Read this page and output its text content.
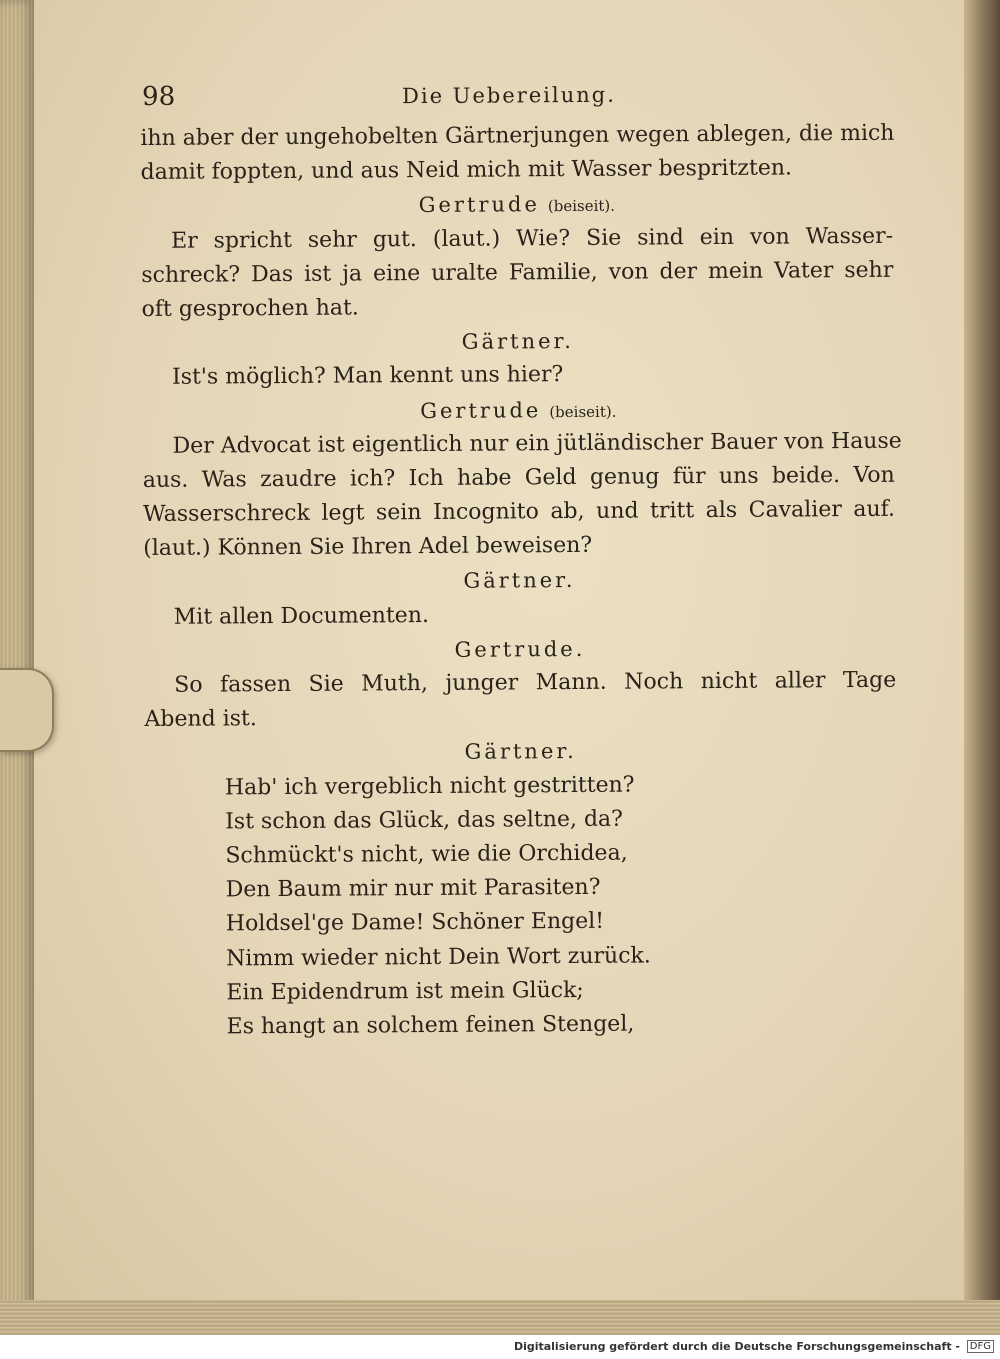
98	Die Uebereilung.
ihn aber der ungehobelten Gärtnerjungen wegen ablegen, die mich
damit foppten, und aus Neid mich mit Wasser bespritzten.
Gertrude (beiseit).
Er spricht sehr gut. (laut.) Wie? Sie sind ein von Wasser-
schreck? Das ist ja eine uralte Familie, von der mein Vater sehr
oft gesprochen hat.
Gärtner.
Ist's möglich? Man kennt uns hier?
Gertrude (beiseit).
Der Advocat ist eigentlich nur ein jütländischer Bauer von Hause
aus. Was zaudre ich? Ich habe Geld genug für uns beide. Von
Wasserschreck legt sein Incognito ab, und tritt als Cavalier auf.
(laut.) Können Sie Ihren Adel beweisen?
Gärtner.
Mit allen Documenten.
Gertrude.
So fassen Sie Muth, junger Mann. Noch nicht aller Tage
Abend ist.
Gärtner.
Hab' ich vergeblich nicht gestritten?
Ist schon das Glück, das seltne, da?
Schmückt's nicht, wie die Orchidea,
Den Baum mir nur mit Parasiten?
Holdsel'ge Dame! Schöner Engel!
Nimm wieder nicht Dein Wort zurück.
Ein Epidendrum ist mein Glück;
Es hangt an solchem feinen Stengel,
Digitalisierung gefördert durch die Deutsche Forschungsgemeinschaft - DFG
